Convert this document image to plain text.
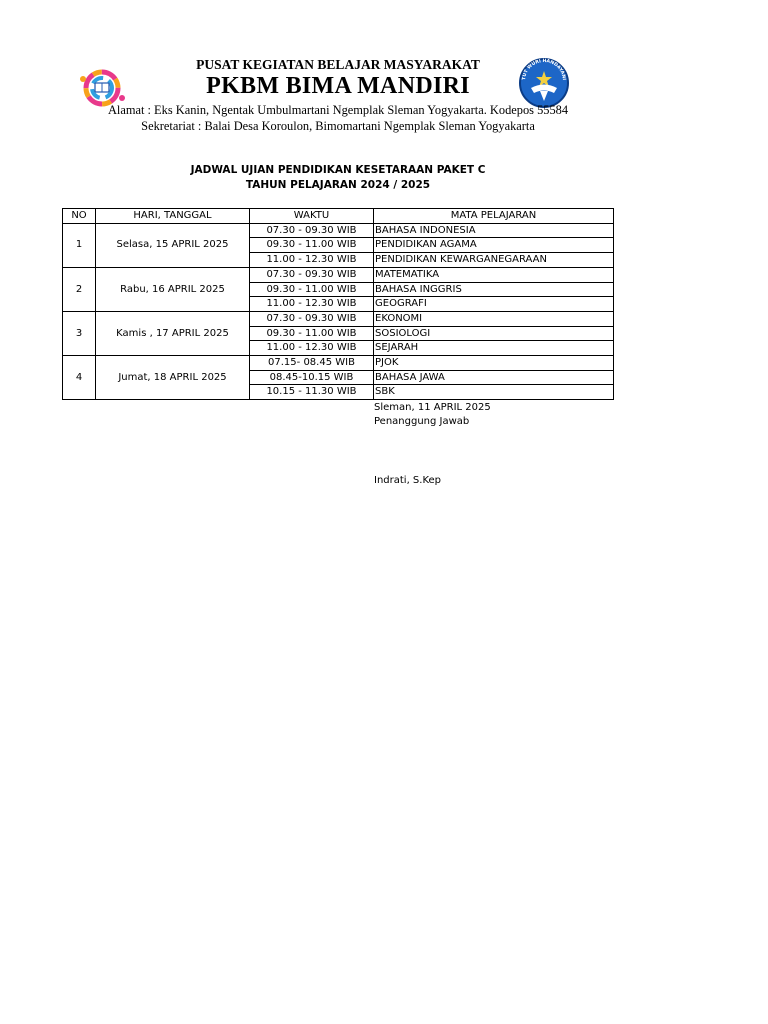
TUT WURI HANDAYANI
PUSAT KEGIATAN BELAJAR MASYARAKAT
PKBM BIMA MANDIRI
Alamat : Eks Kanin, Ngentak Umbulmartani Ngemplak Sleman Yogyakarta. Kodepos 55584
Sekretariat : Balai Desa Koroulon, Bimomartani Ngemplak Sleman Yogyakarta
JADWAL UJIAN PENDIDIKAN KESETARAAN PAKET C
TAHUN PELAJARAN 2024 / 2025
NO	HARI, TANGGAL	WAKTU	MATA PELAJARAN
1	Selasa, 15 APRIL 2025	07.30 - 09.30 WIB	BAHASA INDONESIA
		09.30 - 11.00 WIB	PENDIDIKAN AGAMA
		11.00 - 12.30 WIB	PENDIDIKAN KEWARGANEGARAAN
2	Rabu, 16 APRIL 2025	07.30 - 09.30 WIB	MATEMATIKA
		09.30 - 11.00 WIB	BAHASA INGGRIS
		11.00 - 12.30 WIB	GEOGRAFI
3	Kamis , 17 APRIL 2025	07.30 - 09.30 WIB	EKONOMI
		09.30 - 11.00 WIB	SOSIOLOGI
		11.00 - 12.30 WIB	SEJARAH
4	Jumat, 18 APRIL 2025	07.15- 08.45 WIB	PJOK
		08.45-10.15 WIB	BAHASA JAWA
		10.15 - 11.30 WIB	SBK
Sleman, 11 APRIL 2025
Penanggung Jawab
Indrati, S.Kep
